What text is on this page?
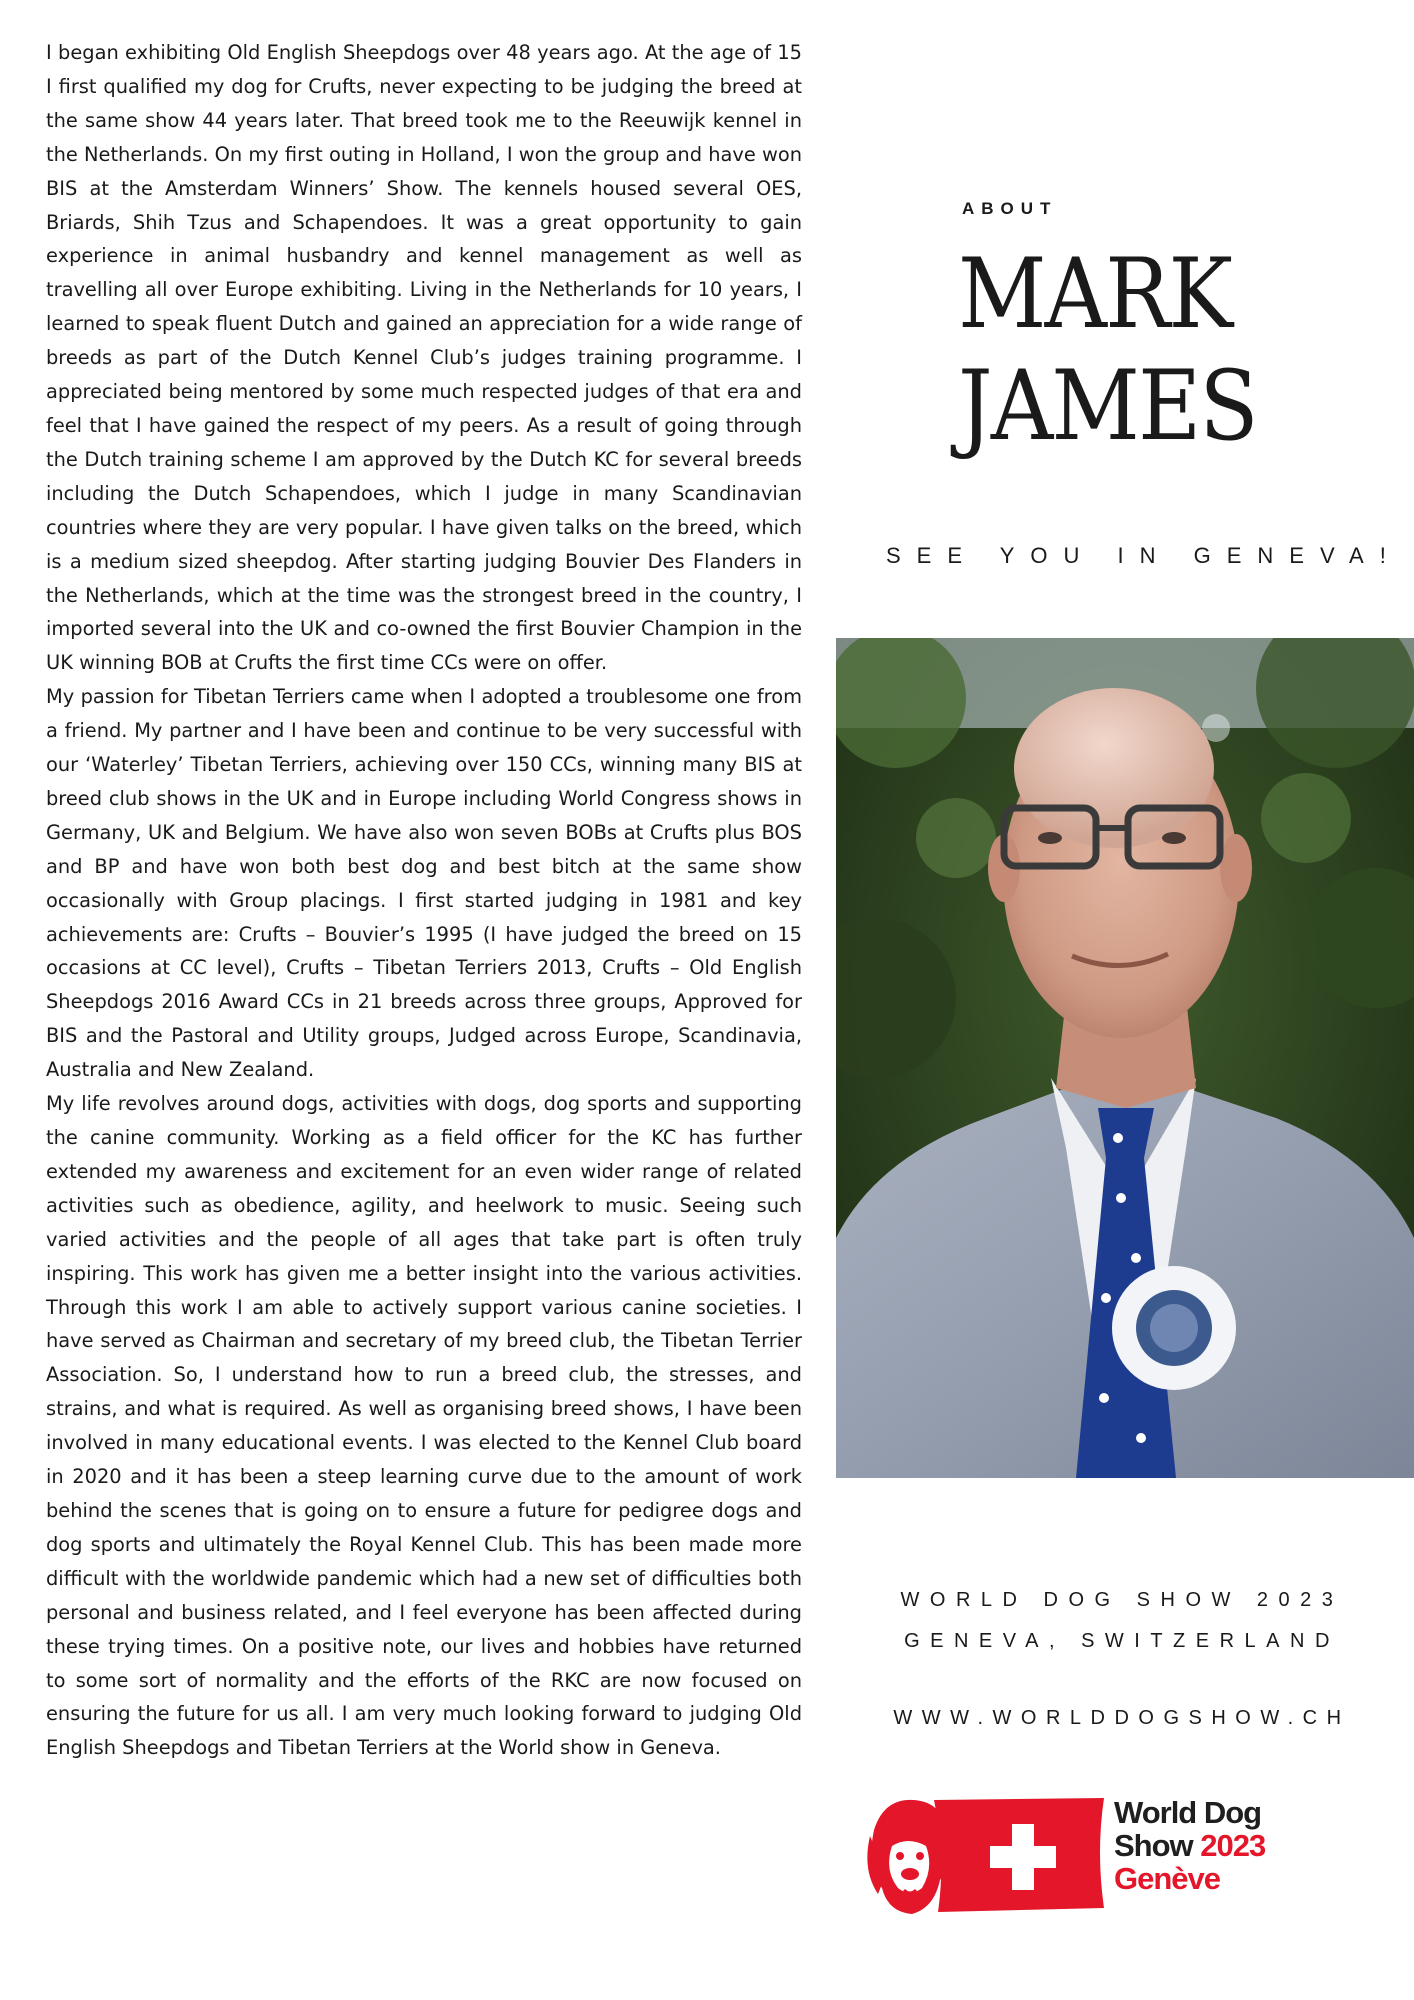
I began exhibiting Old English Sheepdogs over 48 years ago. At the age of 15 I first qualified my dog for Crufts, never expecting to be judging the breed at the same show 44 years later. That breed took me to the Reeuwijk kennel in the Netherlands. On my first outing in Holland, I won the group and have won BIS at the Amsterdam Winners’ Show. The kennels housed several OES, Briards, Shih Tzus and Schapendoes. It was a great opportunity to gain experience in animal husbandry and kennel management as well as travelling all over Europe exhibiting. Living in the Netherlands for 10 years, I learned to speak fluent Dutch and gained an appreciation for a wide range of breeds as part of the Dutch Kennel Club’s judges training programme. I appreciated being mentored by some much respected judges of that era and feel that I have gained the respect of my peers. As a result of going through the Dutch training scheme I am approved by the Dutch KC for several breeds including the Dutch Schapendoes, which I judge in many Scandinavian countries where they are very popular. I have given talks on the breed, which is a medium sized sheepdog. After starting judging Bouvier Des Flanders in the Netherlands, which at the time was the strongest breed in the country, I imported several into the UK and co-owned the first Bouvier Champion in the UK winning BOB at Crufts the first time CCs were on offer.

My passion for Tibetan Terriers came when I adopted a troublesome one from a friend. My partner and I have been and continue to be very successful with our ‘Waterley’ Tibetan Terriers, achieving over 150 CCs, winning many BIS at breed club shows in the UK and in Europe including World Congress shows in Germany, UK and Belgium. We have also won seven BOBs at Crufts plus BOS and BP and have won both best dog and best bitch at the same show occasionally with Group placings. I first started judging in 1981 and key achievements are: Crufts – Bouvier’s 1995 (I have judged the breed on 15 occasions at CC level), Crufts – Tibetan Terriers 2013, Crufts – Old English Sheepdogs 2016 Award CCs in 21 breeds across three groups, Approved for BIS and the Pastoral and Utility groups, Judged across Europe, Scandinavia, Australia and New Zealand.

My life revolves around dogs, activities with dogs, dog sports and supporting the canine community. Working as a field officer for the KC has further extended my awareness and excitement for an even wider range of related activities such as obedience, agility, and heelwork to music. Seeing such varied activities and the people of all ages that take part is often truly inspiring. This work has given me a better insight into the various activities. Through this work I am able to actively support various canine societies. I have served as Chairman and secretary of my breed club, the Tibetan Terrier Association. So, I understand how to run a breed club, the stresses, and strains, and what is required. As well as organising breed shows, I have been involved in many educational events. I was elected to the Kennel Club board in 2020 and it has been a steep learning curve due to the amount of work behind the scenes that is going on to ensure a future for pedigree dogs and dog sports and ultimately the Royal Kennel Club. This has been made more difficult with the worldwide pandemic which had a new set of difficulties both personal and business related, and I feel everyone has been affected during these trying times. On a positive note, our lives and hobbies have returned to some sort of normality and the efforts of the RKC are now focused on ensuring the future for us all. I am very much looking forward to judging Old English Sheepdogs and Tibetan Terriers at the World show in Geneva.

ABOUT
MARK
JAMES
SEE YOU IN GENEVA!
WORLD DOG SHOW 2023
GENEVA, SWITZERLAND
WWW.WORLDDOGSHOW.CH
World Dog
Show 2023
Genève
